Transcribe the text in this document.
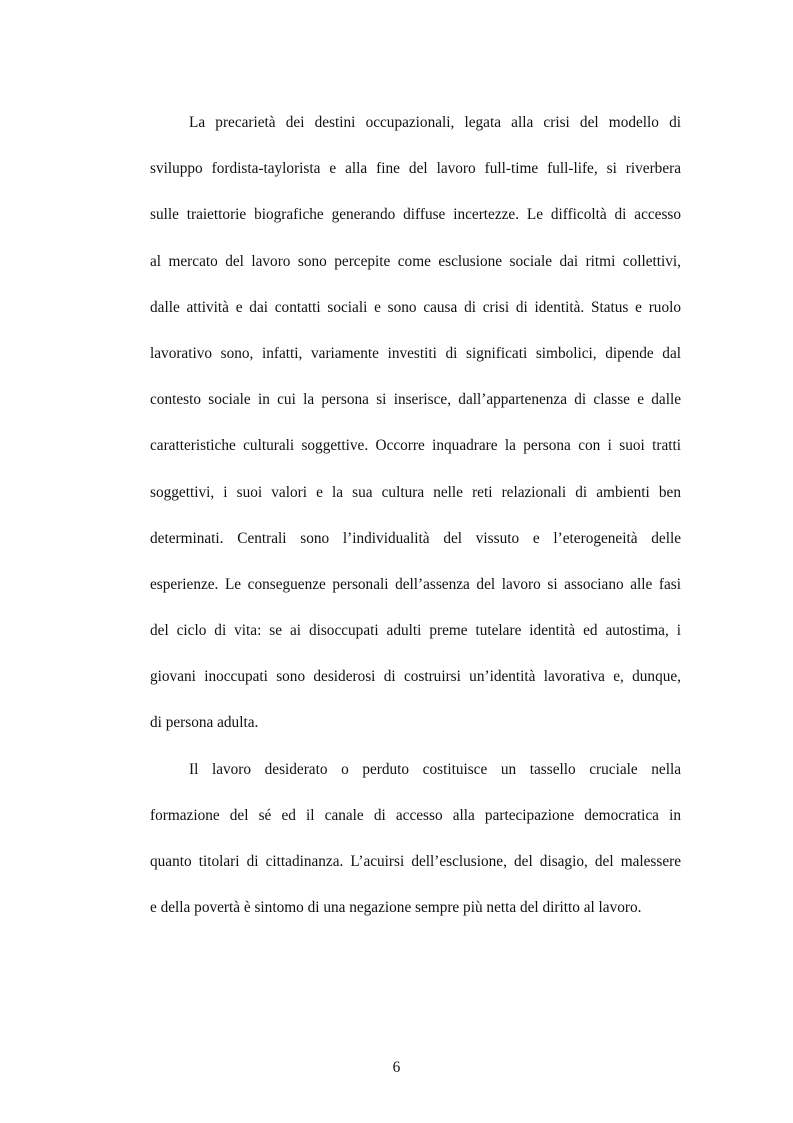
La precarietà dei destini occupazionali, legata alla crisi del modello di
sviluppo fordista-taylorista e alla fine del lavoro full-time full-life, si riverbera
sulle traiettorie biografiche generando diffuse incertezze. Le difficoltà di accesso
al mercato del lavoro sono percepite come esclusione sociale dai ritmi collettivi,
dalle attività e dai contatti sociali e sono causa di crisi di identità. Status e ruolo
lavorativo sono, infatti, variamente investiti di significati simbolici, dipende dal
contesto sociale in cui la persona si inserisce, dall’appartenenza di classe e dalle
caratteristiche culturali soggettive. Occorre inquadrare la persona con i suoi tratti
soggettivi, i suoi valori e la sua cultura nelle reti relazionali di ambienti ben
determinati. Centrali sono l’individualità del vissuto e l’eterogeneità delle
esperienze. Le conseguenze personali dell’assenza del lavoro si associano alle fasi
del ciclo di vita: se ai disoccupati adulti preme tutelare identità ed autostima, i
giovani inoccupati sono desiderosi di costruirsi un’identità lavorativa e, dunque,
di persona adulta.
Il lavoro desiderato o perduto costituisce un tassello cruciale nella
formazione del sé ed il canale di accesso alla partecipazione democratica in
quanto titolari di cittadinanza. L’acuirsi dell’esclusione, del disagio, del malessere
e della povertà è sintomo di una negazione sempre più netta del diritto al lavoro.
6
